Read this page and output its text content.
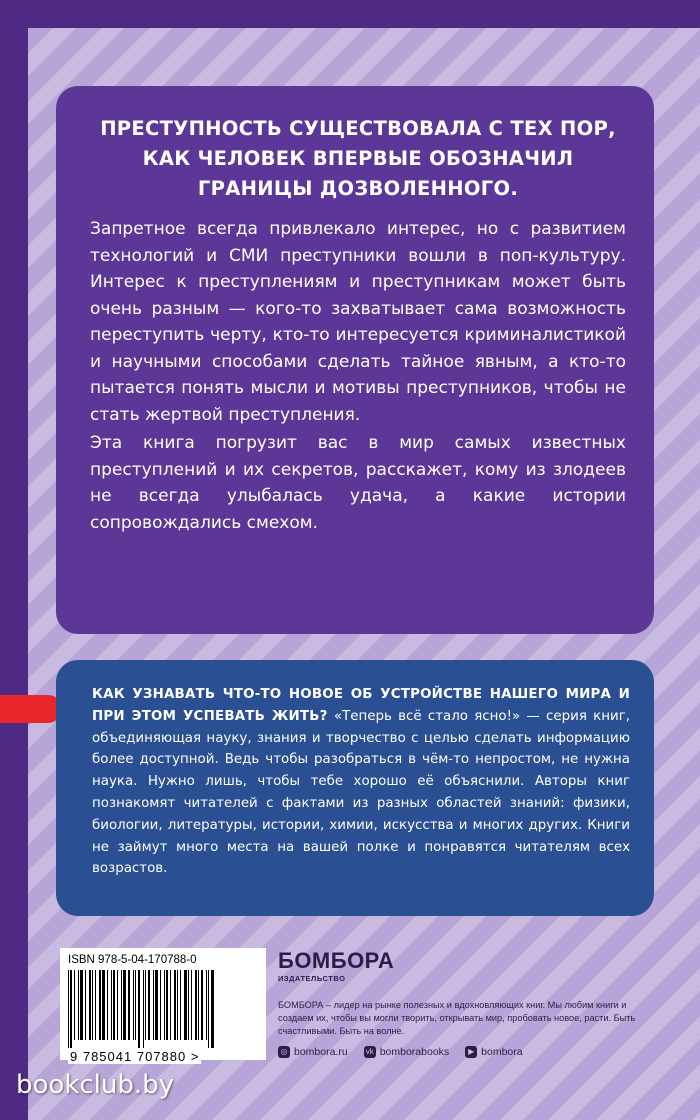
ПРЕСТУПНОСТЬ СУЩЕСТВОВАЛА С ТЕХ ПОР, КАК ЧЕЛОВЕК ВПЕРВЫЕ ОБОЗНАЧИЛ ГРАНИЦЫ ДОЗВОЛЕННОГО.

Запретное всегда привлекало интерес, но с развитием технологий и СМИ преступники вошли в поп-культуру. Интерес к преступлениям и преступникам может быть очень разным — кого-то захватывает сама возможность переступить черту, кто-то интересуется криминалистикой и научными способами сделать тайное явным, а кто-то пытается понять мысли и мотивы преступников, чтобы не стать жертвой преступления.

Эта книга погрузит вас в мир самых известных преступлений и их секретов, расскажет, кому из злодеев не всегда улыбалась удача, а какие истории сопровождались смехом.

КАК УЗНАВАТЬ ЧТО-ТО НОВОЕ ОБ УСТРОЙСТВЕ НАШЕГО МИРА И ПРИ ЭТОМ УСПЕВАТЬ ЖИТЬ? «Теперь всё стало ясно!» — серия книг, объединяющая науку, знания и творчество с целью сделать информацию более доступной. Ведь чтобы разобраться в чём-то непростом, не нужна наука. Нужно лишь, чтобы тебе хорошо её объяснили. Авторы книг познакомят читателей с фактами из разных областей знаний: физики, биологии, литературы, истории, химии, искусства и многих других. Книги не займут много места на вашей полке и понравятся читателям всех возрастов.
ISBN 978-5-04-170788-0
9 785041 707880 >
БОМБОРА
ИЗДАТЕЛЬСТВО
БОМБОРА – лидер на рынке полезных и вдохновляющих книг. Мы любим книги и создаем их, чтобы вы могли творить, открывать мир, пробовать новое, расти. Быть счастливыми. Быть на волне.
◎ bombora.ru vk bomborabooks	▶ bombora
bookclub.by
